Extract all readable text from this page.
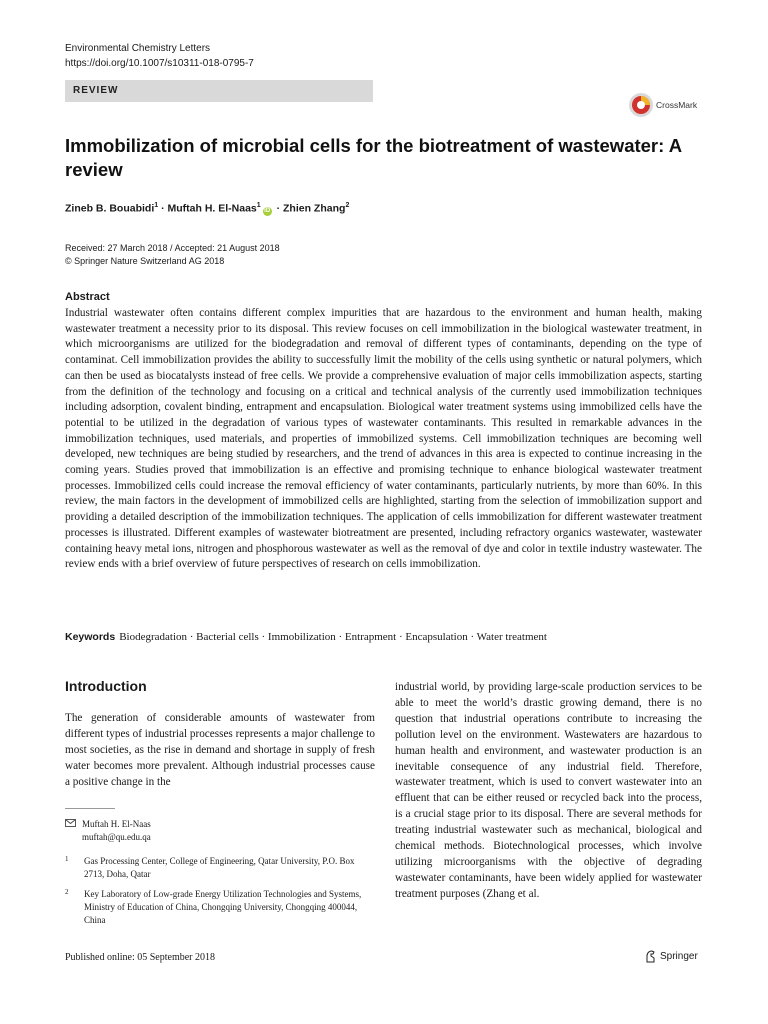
Environmental Chemistry Letters
https://doi.org/10.1007/s10311-018-0795-7
REVIEW
CrossMark
Immobilization of microbial cells for the biotreatment of wastewater: A review
Zineb B. Bouabidi$^1$ · Muftah H. El-Naas$^1$iD · Zhien Zhang$^2$
Received: 27 March 2018 / Accepted: 21 August 2018
© Springer Nature Switzerland AG 2018
Abstract
Industrial wastewater often contains different complex impurities that are hazardous to the environment and human health, making wastewater treatment a necessity prior to its disposal. This review focuses on cell immobilization in the biological wastewater treatment, in which microorganisms are utilized for the biodegradation and removal of different types of contaminants, depending on the type of contaminat. Cell immobilization provides the ability to successfully limit the mobility of the cells using synthetic or natural polymers, which can then be used as biocatalysts instead of free cells. We provide a comprehensive evaluation of major cells immobilization aspects, starting from the definition of the technology and focusing on a critical and technical analysis of the currently used immobilization techniques including adsorption, covalent binding, entrapment and encapsulation. Biological water treatment systems using immobilized cells have the potential to be utilized in the degradation of various types of wastewater contaminants. This resulted in remarkable advances in the immobilization techniques, used materials, and properties of immobilized systems. Cell immobilization techniques are becoming well developed, new techniques are being studied by researchers, and the trend of advances in this area is expected to continue increasing in the coming years. Studies proved that immobilization is an effective and promising technique to enhance biological wastewater treatment processes. Immobilized cells could increase the removal efficiency of water contaminants, particularly nutrients, by more than 60%. In this review, the main factors in the development of immobilized cells are highlighted, starting from the selection of immobilization support and providing a detailed description of the immobilization techniques. The application of cells immobilization for different wastewater treatment processes is illustrated. Different examples of wastewater biotreatment are presented, including refractory organics wastewater, wastewater containing heavy metal ions, nitrogen and phosphorous wastewater as well as the removal of dye and color in textile industry wastewater. The review ends with a brief overview of future perspectives of research on cells immobilization.
Keywords Biodegradation · Bacterial cells · Immobilization · Entrapment · Encapsulation · Water treatment
Introduction
The generation of considerable amounts of wastewater from different types of industrial processes represents a major challenge to most societies, as the rise in demand and shortage in supply of fresh water becomes more prevalent. Although industrial processes cause a positive change in the
industrial world, by providing large-scale production services to be able to meet the world’s drastic growing demand, there is no question that industrial operations contribute to increasing the pollution level on the environment. Wastewaters are hazardous to human health and environment, and wastewater production is an inevitable consequence of any industrial field. Therefore, wastewater treatment, which is used to convert wastewater into an effluent that can be either reused or recycled back into the process, is a crucial stage prior to its disposal. There are several methods for treating industrial wastewater such as mechanical, biological and chemical methods. Biotechnological processes, which involve utilizing microorganisms with the objective of degrading wastewater contaminants, have been widely applied for wastewater treatment purposes (Zhang et al.
Muftah H. El-Naas
muftah@qu.edu.qa
1	Gas Processing Center, College of Engineering, Qatar University, P.O. Box 2713, Doha, Qatar
2	Key Laboratory of Low-grade Energy Utilization Technologies and Systems, Ministry of Education of China, Chongqing University, Chongqing 400044, China
Published online: 05 September 2018	Springer
